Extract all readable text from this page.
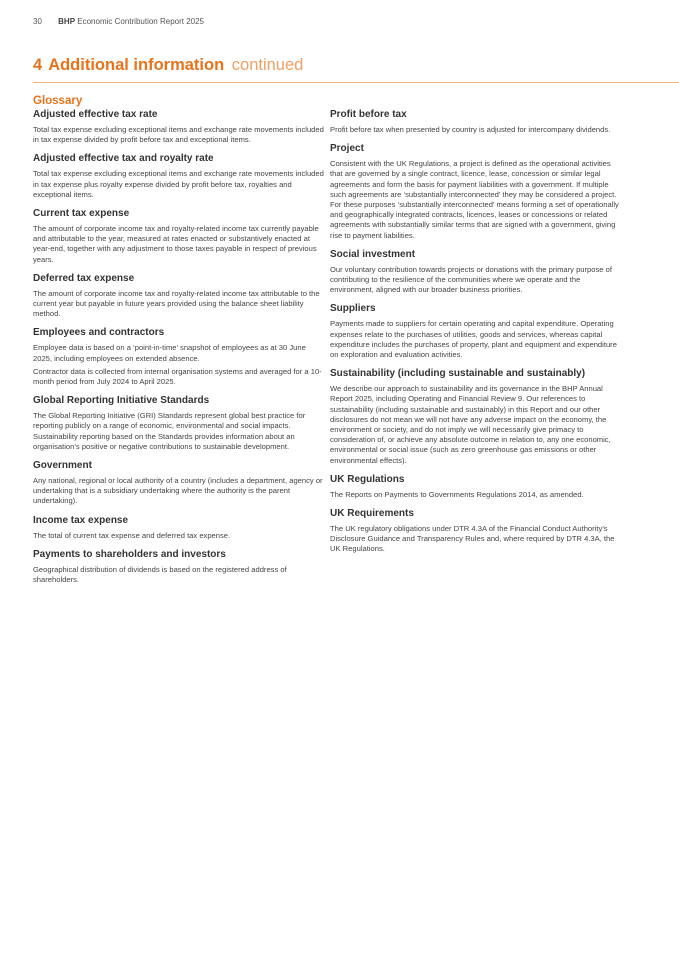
30 BHP Economic Contribution Report 2025
4 Additional information continued
Glossary
Adjusted effective tax rate

Total tax expense excluding exceptional items and exchange rate movements included in tax expense divided by profit before tax and exceptional items.

Adjusted effective tax and royalty rate

Total tax expense excluding exceptional items and exchange rate movements included in tax expense plus royalty expense divided by profit before tax, royalties and exceptional items.

Current tax expense

The amount of corporate income tax and royalty-related income tax currently payable and attributable to the year, measured at rates enacted or substantively enacted at year-end, together with any adjustment to those taxes payable in respect of previous years.

Deferred tax expense

The amount of corporate income tax and royalty-related income tax attributable to the current year but payable in future years provided using the balance sheet liability method.

Employees and contractors

Employee data is based on a ‘point-in-time’ snapshot of employees as at 30 June 2025, including employees on extended absence.

Contractor data is collected from internal organisation systems and averaged for a 10-month period from July 2024 to April 2025.

Global Reporting Initiative Standards

The Global Reporting Initiative (GRI) Standards represent global best practice for reporting publicly on a range of economic, environmental and social impacts. Sustainability reporting based on the Standards provides information about an organisation’s positive or negative contributions to sustainable development.

Government

Any national, regional or local authority of a country (includes a department, agency or undertaking that is a subsidiary undertaking where the authority is the parent undertaking).

Income tax expense

The total of current tax expense and deferred tax expense.

Payments to shareholders and investors

Geographical distribution of dividends is based on the registered address of shareholders.

Profit before tax

Profit before tax when presented by country is adjusted for intercompany dividends.

Project

Consistent with the UK Regulations, a project is defined as the operational activities that are governed by a single contract, licence, lease, concession or similar legal agreements and form the basis for payment liabilities with a government. If multiple such agreements are ‘substantially interconnected’ they may be considered a project. For these purposes ‘substantially interconnected’ means forming a set of operationally and geographically integrated contracts, licences, leases or concessions or related agreements with substantially similar terms that are signed with a government, giving rise to payment liabilities.

Social investment

Our voluntary contribution towards projects or donations with the primary purpose of contributing to the resilience of the communities where we operate and the environment, aligned with our broader business priorities.

Suppliers

Payments made to suppliers for certain operating and capital expenditure. Operating expenses relate to the purchases of utilities, goods and services, whereas capital expenditure includes the purchases of property, plant and equipment and expenditure on exploration and evaluation activities.

Sustainability (including sustainable and sustainably)

We describe our approach to sustainability and its governance in the BHP Annual Report 2025, including Operating and Financial Review 9. Our references to sustainability (including sustainable and sustainably) in this Report and our other disclosures do not mean we will not have any adverse impact on the economy, the environment or society, and do not imply we will necessarily give primacy to consideration of, or achieve any absolute outcome in relation to, any one economic, environmental or social issue (such as zero greenhouse gas emissions or other environmental effects).

UK Regulations

The Reports on Payments to Governments Regulations 2014, as amended.

UK Requirements

The UK regulatory obligations under DTR 4.3A of the Financial Conduct Authority’s Disclosure Guidance and Transparency Rules and, where required by DTR 4.3A, the UK Regulations.
